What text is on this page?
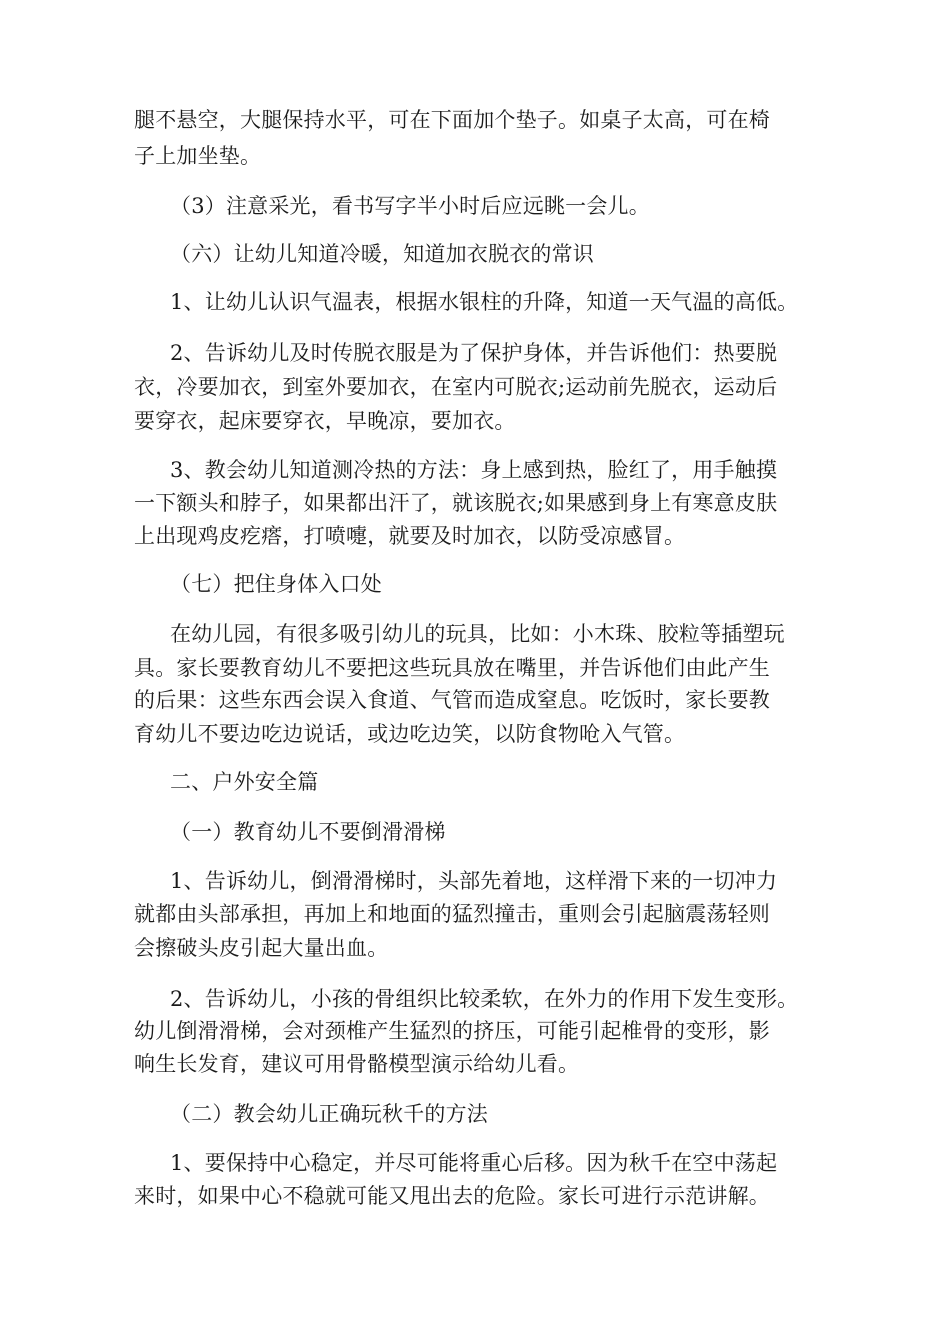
腿不悬空，大腿保持水平，可在下面加个垫子。如桌子太高，可在椅
子上加坐垫。
（3）注意采光，看书写字半小时后应远眺一会儿。
（六）让幼儿知道冷暖，知道加衣脱衣的常识
1、让幼儿认识气温表，根据水银柱的升降，知道一天气温的高低。
2、告诉幼儿及时传脱衣服是为了保护身体，并告诉他们：热要脱
衣，冷要加衣，到室外要加衣，在室内可脱衣;运动前先脱衣，运动后
要穿衣，起床要穿衣，早晚凉，要加衣。
3、教会幼儿知道测冷热的方法：身上感到热，脸红了，用手触摸
一下额头和脖子，如果都出汗了，就该脱衣;如果感到身上有寒意皮肤
上出现鸡皮疙瘩，打喷嚏，就要及时加衣，以防受凉感冒。
（七）把住身体入口处
在幼儿园，有很多吸引幼儿的玩具，比如：小木珠、胶粒等插塑玩
具。家长要教育幼儿不要把这些玩具放在嘴里，并告诉他们由此产生
的后果：这些东西会误入食道、气管而造成窒息。吃饭时，家长要教
育幼儿不要边吃边说话，或边吃边笑，以防食物呛入气管。
二、户外安全篇
（一）教育幼儿不要倒滑滑梯
1、告诉幼儿，倒滑滑梯时，头部先着地，这样滑下来的一切冲力
就都由头部承担，再加上和地面的猛烈撞击，重则会引起脑震荡轻则
会擦破头皮引起大量出血。
2、告诉幼儿，小孩的骨组织比较柔软，在外力的作用下发生变形。
幼儿倒滑滑梯，会对颈椎产生猛烈的挤压，可能引起椎骨的变形，影
响生长发育，建议可用骨骼模型演示给幼儿看。
（二）教会幼儿正确玩秋千的方法
1、要保持中心稳定，并尽可能将重心后移。因为秋千在空中荡起
来时，如果中心不稳就可能又甩出去的危险。家长可进行示范讲解。
